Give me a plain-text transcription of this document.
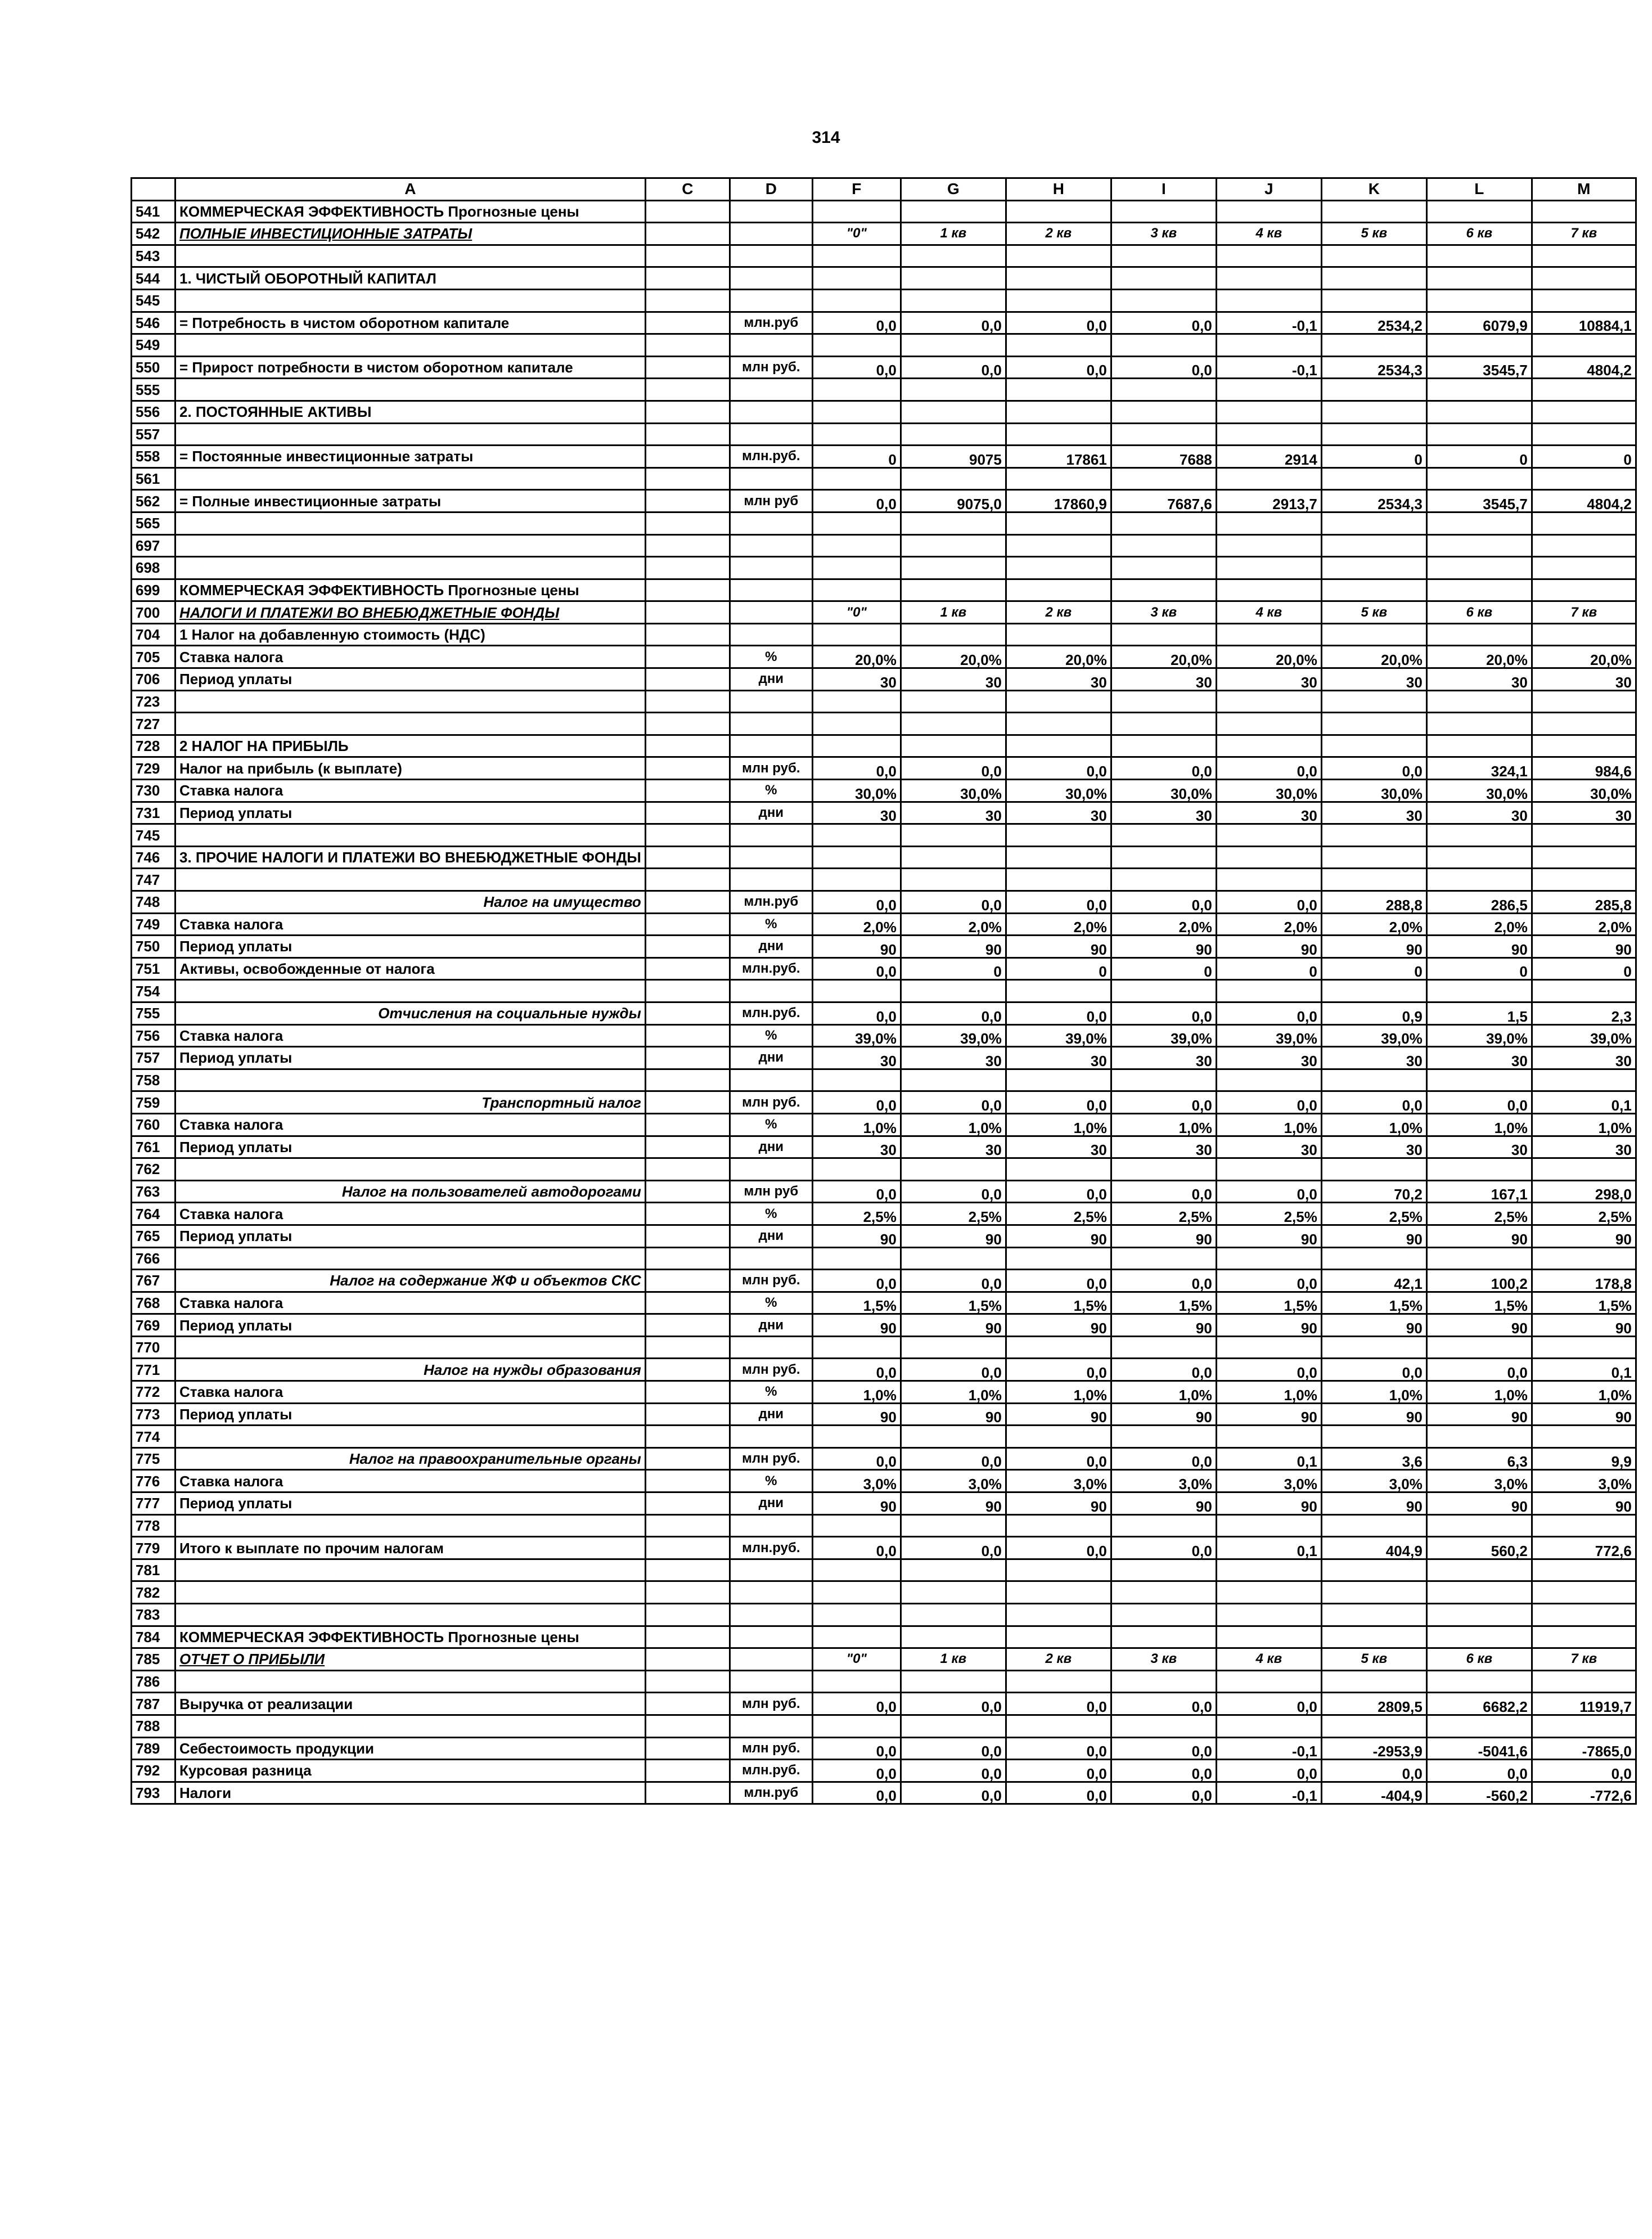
314
	A	C	D	F	G	H	I	J	K	L	M
541	КОММЕРЧЕСКАЯ ЭФФЕКТИВНОСТЬ Прогнозные цены										
542	ПОЛНЫЕ ИНВЕСТИЦИОННЫЕ ЗАТРАТЫ			"0"	1 кв	2 кв	3 кв	4 кв	5 кв	6 кв	7 кв
543											
544	1. ЧИСТЫЙ ОБОРОТНЫЙ КАПИТАЛ										
545											
546	= Потребность в чистом оборотном капитале		млн.руб	0,0	0,0	0,0	0,0	-0,1	2534,2	6079,9	10884,1
549											
550	= Прирост потребности в чистом оборотном капитале		млн руб.	0,0	0,0	0,0	0,0	-0,1	2534,3	3545,7	4804,2
555											
556	2. ПОСТОЯННЫЕ АКТИВЫ										
557											
558	= Постоянные инвестиционные затраты		млн.руб.	0	9075	17861	7688	2914	0	0	0
561											
562	= Полные инвестиционные затраты		млн руб	0,0	9075,0	17860,9	7687,6	2913,7	2534,3	3545,7	4804,2
565											
697											
698											
699	КОММЕРЧЕСКАЯ ЭФФЕКТИВНОСТЬ Прогнозные цены										
700	НАЛОГИ И ПЛАТЕЖИ ВО ВНЕБЮДЖЕТНЫЕ ФОНДЫ			"0"	1 кв	2 кв	3 кв	4 кв	5 кв	6 кв	7 кв
704	1 Налог на добавленную стоимость (НДС)										
705	Ставка налога		%	20,0%	20,0%	20,0%	20,0%	20,0%	20,0%	20,0%	20,0%
706	Период уплаты		дни	30	30	30	30	30	30	30	30
723											
727											
728	2 НАЛОГ НА ПРИБЫЛЬ										
729	Налог на прибыль (к выплате)		млн руб.	0,0	0,0	0,0	0,0	0,0	0,0	324,1	984,6
730	Ставка налога		%	30,0%	30,0%	30,0%	30,0%	30,0%	30,0%	30,0%	30,0%
731	Период уплаты		дни	30	30	30	30	30	30	30	30
745											
746	3. ПРОЧИЕ НАЛОГИ И ПЛАТЕЖИ ВО ВНЕБЮДЖЕТНЫЕ ФОНДЫ										
747											
748	Налог на имущество		млн.руб	0,0	0,0	0,0	0,0	0,0	288,8	286,5	285,8
749	Ставка налога		%	2,0%	2,0%	2,0%	2,0%	2,0%	2,0%	2,0%	2,0%
750	Период уплаты		дни	90	90	90	90	90	90	90	90
751	Активы, освобожденные от налога		млн.руб.	0,0	0	0	0	0	0	0	0
754											
755	Отчисления на социальные нужды		млн.руб.	0,0	0,0	0,0	0,0	0,0	0,9	1,5	2,3
756	Ставка налога		%	39,0%	39,0%	39,0%	39,0%	39,0%	39,0%	39,0%	39,0%
757	Период уплаты		дни	30	30	30	30	30	30	30	30
758											
759	Транспортный налог		млн руб.	0,0	0,0	0,0	0,0	0,0	0,0	0,0	0,1
760	Ставка налога		%	1,0%	1,0%	1,0%	1,0%	1,0%	1,0%	1,0%	1,0%
761	Период уплаты		дни	30	30	30	30	30	30	30	30
762											
763	Налог на пользователей автодорогами		млн руб	0,0	0,0	0,0	0,0	0,0	70,2	167,1	298,0
764	Ставка налога		%	2,5%	2,5%	2,5%	2,5%	2,5%	2,5%	2,5%	2,5%
765	Период уплаты		дни	90	90	90	90	90	90	90	90
766											
767	Налог на содержание ЖФ и объектов СКС		млн руб.	0,0	0,0	0,0	0,0	0,0	42,1	100,2	178,8
768	Ставка налога		%	1,5%	1,5%	1,5%	1,5%	1,5%	1,5%	1,5%	1,5%
769	Период уплаты		дни	90	90	90	90	90	90	90	90
770											
771	Налог на нужды образования		млн руб.	0,0	0,0	0,0	0,0	0,0	0,0	0,0	0,1
772	Ставка налога		%	1,0%	1,0%	1,0%	1,0%	1,0%	1,0%	1,0%	1,0%
773	Период уплаты		дни	90	90	90	90	90	90	90	90
774											
775	Налог на правоохранительные органы		млн руб.	0,0	0,0	0,0	0,0	0,1	3,6	6,3	9,9
776	Ставка налога		%	3,0%	3,0%	3,0%	3,0%	3,0%	3,0%	3,0%	3,0%
777	Период уплаты		дни	90	90	90	90	90	90	90	90
778											
779	Итого к выплате по прочим налогам		млн.руб.	0,0	0,0	0,0	0,0	0,1	404,9	560,2	772,6
781											
782											
783											
784	КОММЕРЧЕСКАЯ ЭФФЕКТИВНОСТЬ Прогнозные цены										
785	ОТЧЕТ О ПРИБЫЛИ			"0"	1 кв	2 кв	3 кв	4 кв	5 кв	6 кв	7 кв
786											
787	Выручка от реализации		млн руб.	0,0	0,0	0,0	0,0	0,0	2809,5	6682,2	11919,7
788											
789	Себестоимость продукции		млн руб.	0,0	0,0	0,0	0,0	-0,1	-2953,9	-5041,6	-7865,0
792	Курсовая разница		млн.руб.	0,0	0,0	0,0	0,0	0,0	0,0	0,0	0,0
793	Налоги		млн.руб	0,0	0,0	0,0	0,0	-0,1	-404,9	-560,2	-772,6
